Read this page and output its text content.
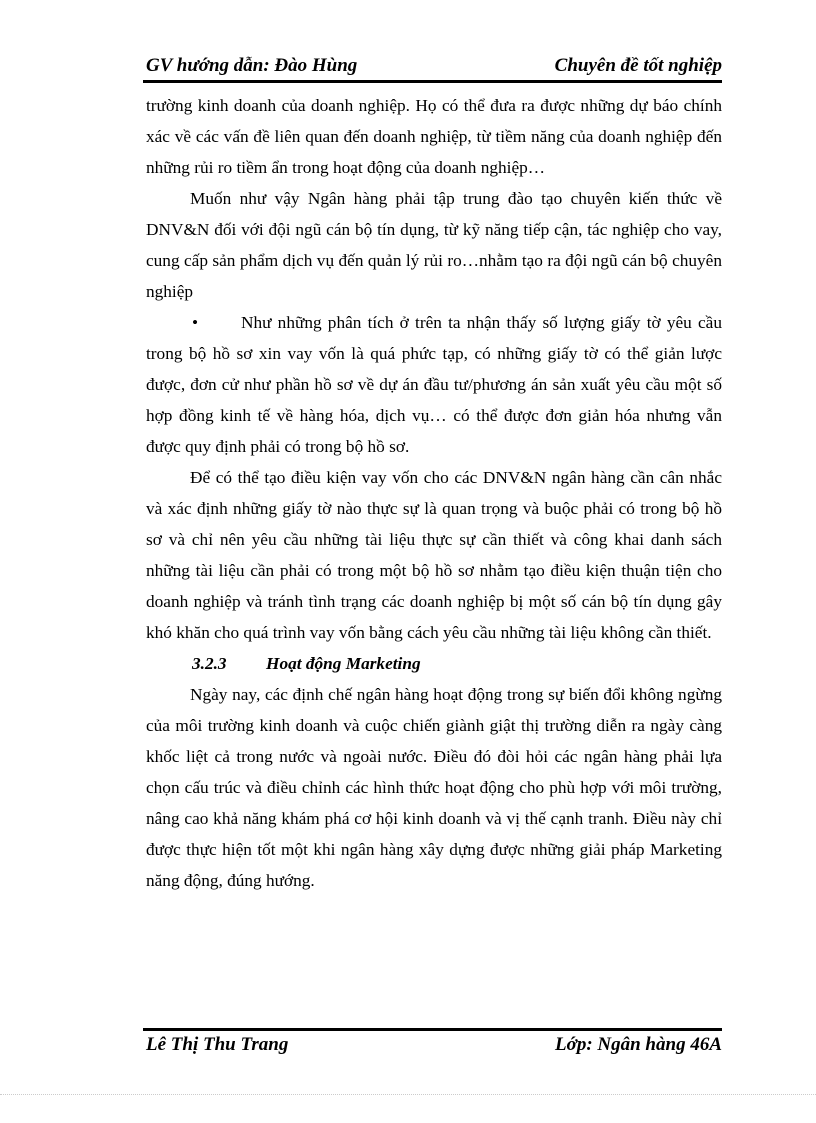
GV hướng dẫn: Đào Hùng	Chuyên đề tốt nghiệp

trường kinh doanh của doanh nghiệp. Họ có thể đưa ra được những dự báo chính xác về các vấn đề liên quan đến doanh nghiệp, từ tiềm năng của doanh nghiệp đến những rủi ro tiềm ẩn trong hoạt động của doanh nghiệp…

Muốn như vậy Ngân hàng phải tập trung đào tạo chuyên kiến thức về DNV&N đối với đội ngũ cán bộ tín dụng, từ kỹ năng tiếp cận, tác nghiệp cho vay, cung cấp sản phẩm dịch vụ đến quản lý rủi ro…nhằm tạo ra đội ngũ cán bộ chuyên nghiệp

• Như những phân tích ở trên ta nhận thấy số lượng giấy tờ yêu cầu trong bộ hồ sơ xin vay vốn là quá phức tạp, có những giấy tờ có thể giản lược được, đơn cử như phần hồ sơ về dự án đầu tư/phương án sản xuất yêu cầu một số hợp đồng kinh tế về hàng hóa, dịch vụ… có thể được đơn giản hóa nhưng vẫn được quy định phải có trong bộ hồ sơ.

Để có thể tạo điều kiện vay vốn cho các DNV&N ngân hàng cần cân nhắc và xác định những giấy tờ nào thực sự là quan trọng và buộc phải có trong bộ hồ sơ và chỉ nên yêu cầu những tài liệu thực sự cần thiết và công khai danh sách những tài liệu cần phải có trong một bộ hồ sơ nhằm tạo điều kiện thuận tiện cho doanh nghiệp và tránh tình trạng các doanh nghiệp bị một số cán bộ tín dụng gây khó khăn cho quá trình vay vốn bằng cách yêu cầu những tài liệu không cần thiết.

3.2.3 Hoạt động Marketing

Ngày nay, các định chế ngân hàng hoạt động trong sự biến đổi không ngừng của môi trường kinh doanh và cuộc chiến giành giật thị trường diễn ra ngày càng khốc liệt cả trong nước và ngoài nước. Điều đó đòi hỏi các ngân hàng phải lựa chọn cấu trúc và điều chỉnh các hình thức hoạt động cho phù hợp với môi trường, nâng cao khả năng khám phá cơ hội kinh doanh và vị thế cạnh tranh. Điều này chỉ được thực hiện tốt một khi ngân hàng xây dựng được những giải pháp Marketing năng động, đúng hướng.

Lê Thị Thu Trang	Lớp: Ngân hàng 46A
